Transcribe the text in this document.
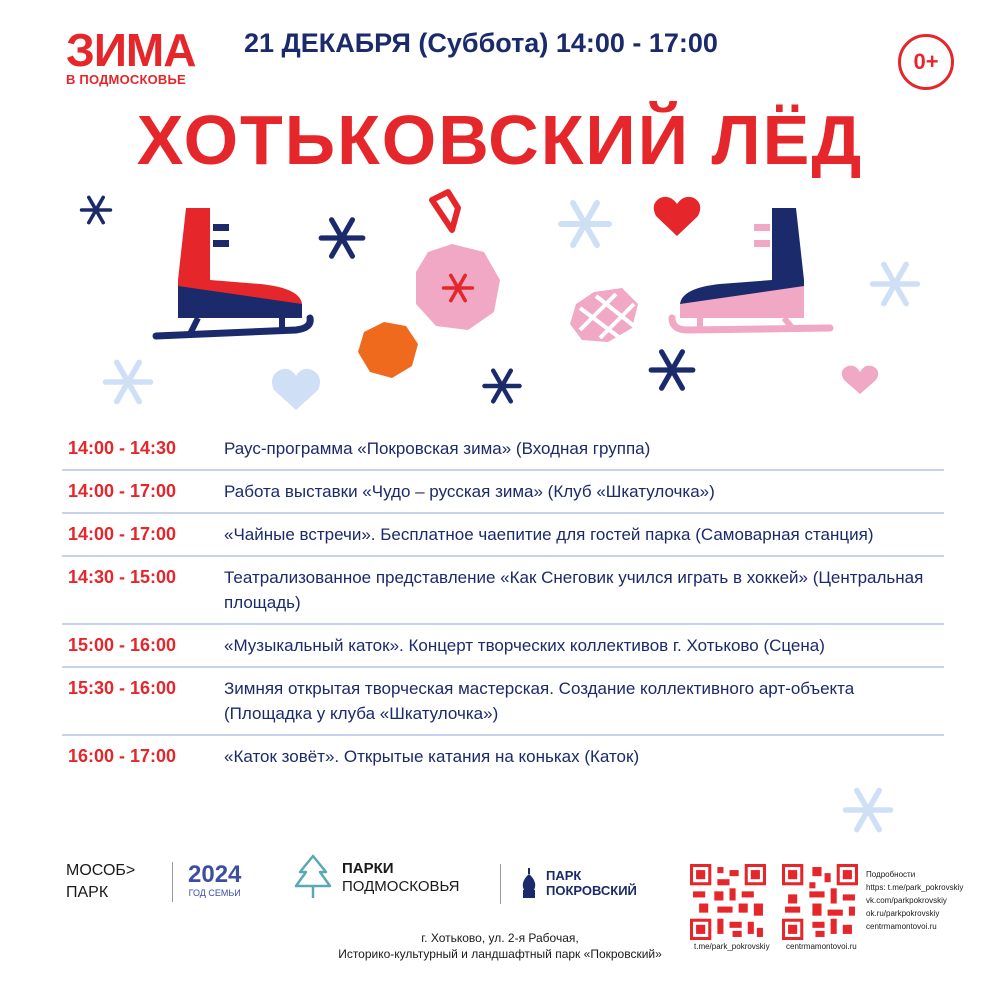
ЗИМА
В ПОДМОСКОВЬЕ
21 ДЕКАБРЯ (Суббота) 14:00 - 17:00
0+
ХОТЬКОВСКИЙ ЛЁД
14:00 - 14:30	Раус-программа «Покровская зима» (Входная группа)
14:00 - 17:00	Работа выставки «Чудо – русская зима» (Клуб «Шкатулочка»)
14:00 - 17:00	«Чайные встречи». Бесплатное чаепитие для гостей парка (Самоварная станция)
14:30 - 15:00	Театрализованное представление «Как Снеговик учился играть в хоккей» (Центральная площадь)
15:00 - 16:00	«Музыкальный каток». Концерт творческих коллективов г. Хотьково (Сцена)
15:30 - 16:00	Зимняя открытая творческая мастерская. Создание коллективного арт-объекта (Площадка у клуба «Шкатулочка»)
16:00 - 17:00	«Каток зовёт». Открытые катания на коньках (Каток)
МОСОБ>
ПАРК
2024
ГОД СЕМЬИ
ПАРКИ
ПОДМОСКОВЬЯ
ПАРК
ПОКРОВСКИЙ
г. Хотьково, ул. 2-я Рабочая,
Историко-культурный и ландшафтный парк «Покровский»
t.me/park_pokrovskiy centrmamontovoi.ru
Подробности
https: t.me/park_pokrovskiy
vk.com/parkpokrovskiy
ok.ru/parkpokrovskiy
centrmamontovoi.ru
